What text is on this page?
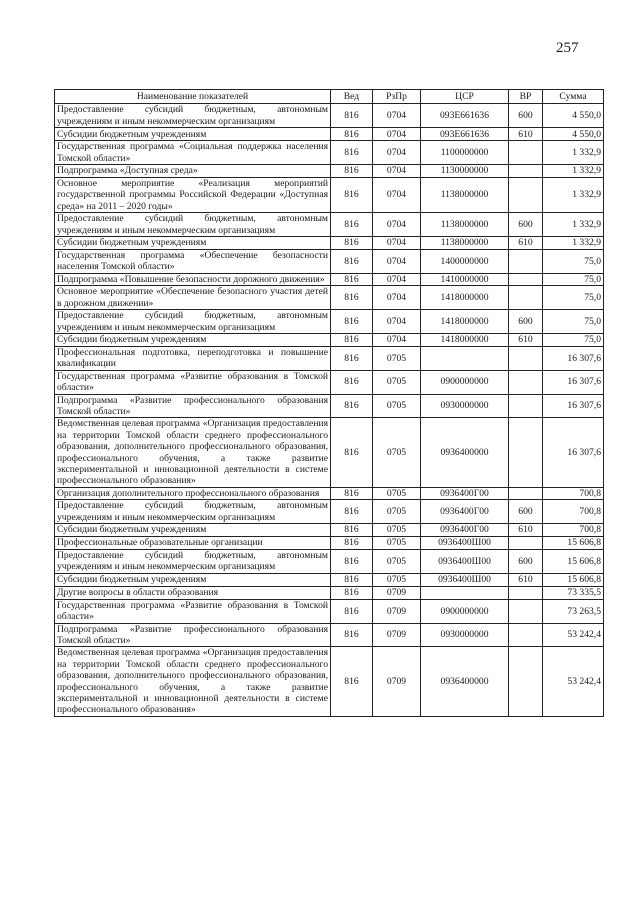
257
Наименование показателей	Вед	РзПр	ЦСР	ВР	Сумма
Предоставление субсидий бюджетным, автономным учреждениям и иным некоммерческим организациям	816	0704	093Е661636	600	4 550,0
Субсидии бюджетным учреждениям	816	0704	093Е661636	610	4 550,0
Государственная программа «Социальная поддержка населения Томской области»	816	0704	1100000000		1 332,9
Подпрограмма «Доступная среда»	816	0704	1130000000		1 332,9
Основное мероприятие «Реализация мероприятий государственной программы Российской Федерации «Доступная среда» на 2011 – 2020 годы»	816	0704	1138000000		1 332,9
Предоставление субсидий бюджетным, автономным учреждениям и иным некоммерческим организациям	816	0704	1138000000	600	1 332,9
Субсидии бюджетным учреждениям	816	0704	1138000000	610	1 332,9
Государственная программа «Обеспечение безопасности населения Томской области»	816	0704	1400000000		75,0
Подпрограмма «Повышение безопасности дорожного движения»	816	0704	1410000000		75,0
Основное мероприятие «Обеспечение безопасного участия детей в дорожном движении»	816	0704	1418000000		75,0
Предоставление субсидий бюджетным, автономным учреждениям и иным некоммерческим организациям	816	0704	1418000000	600	75,0
Субсидии бюджетным учреждениям	816	0704	1418000000	610	75,0
Профессиональная подготовка, переподготовка и повышение квалификации	816	0705			16 307,6
Государственная программа «Развитие образования в Томской области»	816	0705	0900000000		16 307,6
Подпрограмма «Развитие профессионального образования Томской области»	816	0705	0930000000		16 307,6
Ведомственная целевая программа «Организация предоставления на территории Томской области среднего профессионального образования, дополнительного профессионального образования, профессионального обучения, а также развитие экспериментальной и инновационной деятельности в системе профессионального образования»	816	0705	0936400000		16 307,6
Организация дополнительного профессионального образования	816	0705	0936400Г00		700,8
Предоставление субсидий бюджетным, автономным учреждениям и иным некоммерческим организациям	816	0705	0936400Г00	600	700,8
Субсидии бюджетным учреждениям	816	0705	0936400Г00	610	700,8
Профессиональные образовательные организации	816	0705	0936400Ш00		15 606,8
Предоставление субсидий бюджетным, автономным учреждениям и иным некоммерческим организациям	816	0705	0936400Ш00	600	15 606,8
Субсидии бюджетным учреждениям	816	0705	0936400Ш00	610	15 606,8
Другие вопросы в области образования	816	0709			73 335,5
Государственная программа «Развитие образования в Томской области»	816	0709	0900000000		73 263,5
Подпрограмма «Развитие профессионального образования Томской области»	816	0709	0930000000		53 242,4
Ведомственная целевая программа «Организация предоставления на территории Томской области среднего профессионального образования, дополнительного профессионального образования, профессионального обучения, а также развитие экспериментальной и инновационной деятельности в системе профессионального образования»	816	0709	0936400000		53 242,4
